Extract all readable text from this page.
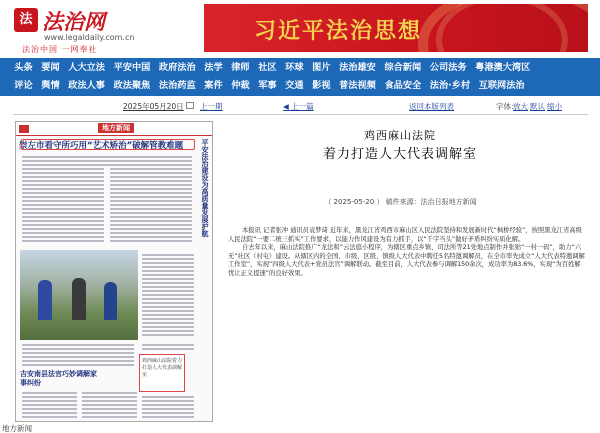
法 法治网
www.legaldaily.com.cn
法治中国 一网奉社
习近平法治思想
头条 要闻 人大立法 平安中国 政府法治 法学 律师 社区 环球 图片 法治雄安 综合新闻 公司法务 粤港澳大湾区
评论 舆情 政法人事 政法聚焦 法治药监 案件 仲裁 军事 交通 影视 普法视频 食品安全 法治·乡村 互联网法治
2025年05月20日 上一期	◀ 上一篇	返回本版列表	字体: 放大 默认 缩小
地方新闻
崇左市看守所巧用“艺术矫治”破解管教难题	平安法治建设为高质量发展护航
吉安南县法官巧妙调解家事纠纷
鸡西麻山法院着力打造人大代表调解室
鸡西麻山法院
着力打造人大代表调解室
（ 2025-05-20 ） 稿件来源：法治日报地方新闻

本报讯 记者张冲 通讯员袁梦琦 近年来，黑龙江省鸡西市麻山区人民法院坚持和发展新时代“枫桥经验”，按照黑龙江省高级人民法院“一要二统三抓实”工作要求，以能力作风建设为有力抓手，以“千字当头”做好矛盾纠纷实质化解。

自去年以来，麻山法院推广“龙法和”云法庭小程序，为辖区重点乡镇、司法所等21处地点制作并张贴“一村一码”，助力“六无”社区（村屯）建设。从辖区内的全国、市级、区级、镇级人大代表中聘任5名特邀调解员，在全市率先成立“人大代表特邀调解工作室”，实现“四级人大代表+党员法官”调解联动。截至目前，人大代表参与调解150余次，成功率为83.6%，实现“为百姓解忧让正义提速”的良好效果。

地方新闻
